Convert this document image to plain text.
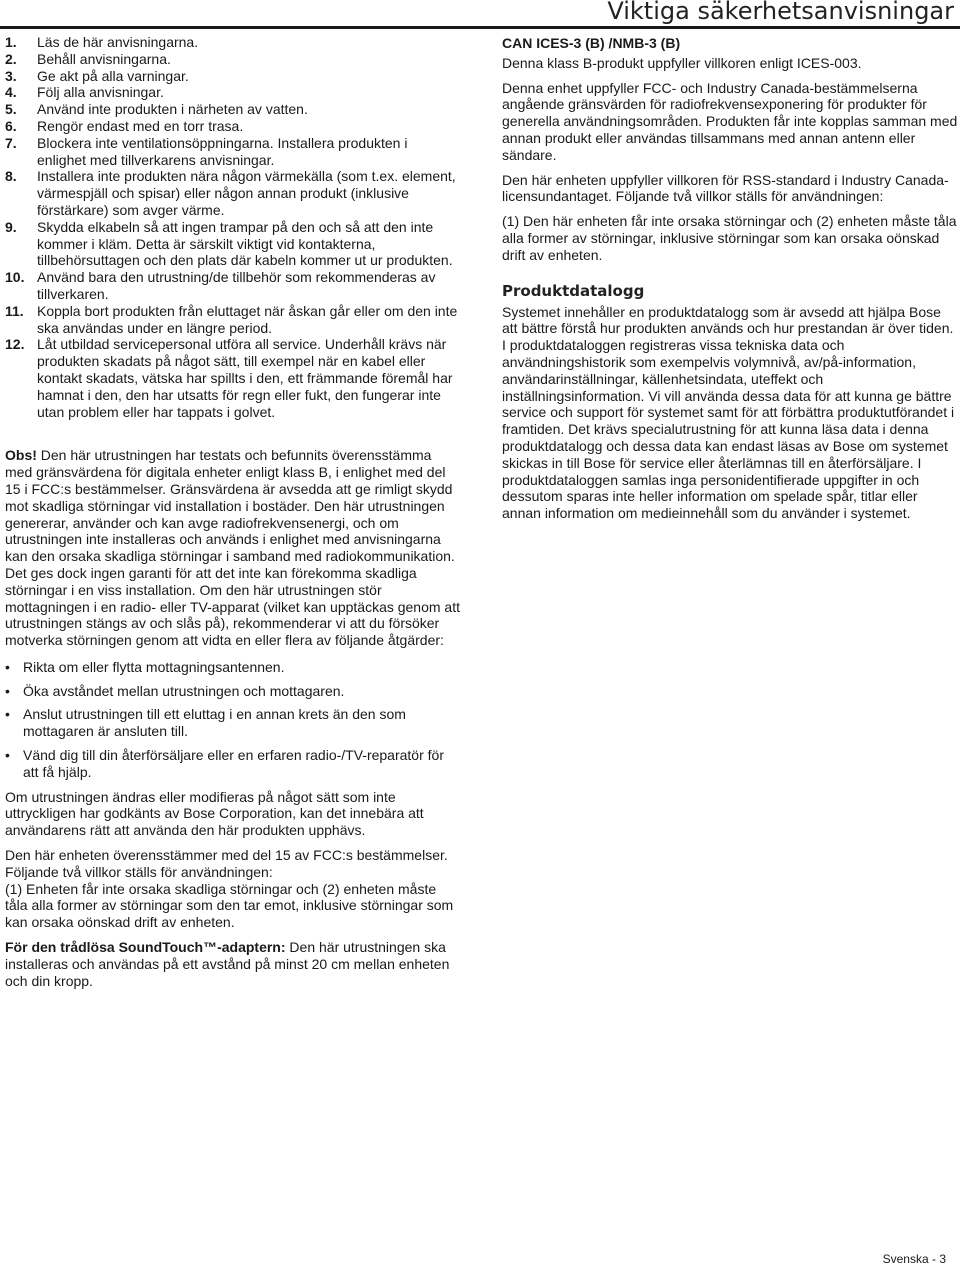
Viktiga säkerhetsanvisningar
1. Läs de här anvisningarna.
2. Behåll anvisningarna.
3. Ge akt på alla varningar.
4. Följ alla anvisningar.
5. Använd inte produkten i närheten av vatten.
6. Rengör endast med en torr trasa.
7. Blockera inte ventilationsöppningarna. Installera produkten i enlighet med tillverkarens anvisningar.
8. Installera inte produkten nära någon värmekälla (som t.ex. element, värmespjäll och spisar) eller någon annan produkt (inklusive förstärkare) som avger värme.
9. Skydda elkabeln så att ingen trampar på den och så att den inte kommer i kläm. Detta är särskilt viktigt vid kontakterna, tillbehörsuttagen och den plats där kabeln kommer ut ur produkten.
10. Använd bara den utrustning/de tillbehör som rekommenderas av tillverkaren.
11. Koppla bort produkten från eluttaget när åskan går eller om den inte ska användas under en längre period.
12. Låt utbildad servicepersonal utföra all service. Underhåll krävs när produkten skadats på något sätt, till exempel när en kabel eller kontakt skadats, vätska har spillts i den, ett främmande föremål har hamnat i den, den har utsatts för regn eller fukt, den fungerar inte utan problem eller har tappats i golvet.

Obs! Den här utrustningen har testats och befunnits överensstämma med gränsvärdena för digitala enheter enligt klass B, i enlighet med del 15 i FCC:s bestämmelser. Gränsvärdena är avsedda att ge rimligt skydd mot skadliga störningar vid installation i bostäder. Den här utrustningen genererar, använder och kan avge radiofrekvensenergi, och om utrustningen inte installeras och används i enlighet med anvisningarna kan den orsaka skadliga störningar i samband med radiokommunikation. Det ges dock ingen garanti för att det inte kan förekomma skadliga störningar i en viss installation. Om den här utrustningen stör mottagningen i en radio- eller TV-apparat (vilket kan upptäckas genom att utrustningen stängs av och slås på), rekommenderar vi att du försöker motverka störningen genom att vidta en eller flera av följande åtgärder:

• Rikta om eller flytta mottagningsantennen.
• Öka avståndet mellan utrustningen och mottagaren.
• Anslut utrustningen till ett eluttag i en annan krets än den som mottagaren är ansluten till.
• Vänd dig till din återförsäljare eller en erfaren radio-/TV-reparatör för att få hjälp.

Om utrustningen ändras eller modifieras på något sätt som inte uttryckligen har godkänts av Bose Corporation, kan det innebära att användarens rätt att använda den här produkten upphävs.

Den här enheten överensstämmer med del 15 av FCC:s bestämmelser. Följande två villkor ställs för användningen:

(1) Enheten får inte orsaka skadliga störningar och (2) enheten måste tåla alla former av störningar som den tar emot, inklusive störningar som kan orsaka oönskad drift av enheten.

För den trådlösa SoundTouch™-adaptern: Den här utrustningen ska installeras och användas på ett avstånd på minst 20 cm mellan enheten och din kropp.

CAN ICES-3 (B) /NMB-3 (B)

Denna klass B-produkt uppfyller villkoren enligt ICES-003.

Denna enhet uppfyller FCC- och Industry Canada-bestämmelserna angående gränsvärden för radiofrekvensexponering för produkter för generella användningsområden. Produkten får inte kopplas samman med annan produkt eller användas tillsammans med annan antenn eller sändare.

Den här enheten uppfyller villkoren för RSS-standard i Industry Canada-licensundantaget. Följande två villkor ställs för användningen:

(1) Den här enheten får inte orsaka störningar och (2) enheten måste tåla alla former av störningar, inklusive störningar som kan orsaka oönskad drift av enheten.

Produktdatalogg

Systemet innehåller en produktdatalogg som är avsedd att hjälpa Bose att bättre förstå hur produkten används och hur prestandan är över tiden. I produktdataloggen registreras vissa tekniska data och användningshistorik som exempelvis volymnivå, av/på-information, användarinställningar, källenhetsindata, uteffekt och inställningsinformation. Vi vill använda dessa data för att kunna ge bättre service och support för systemet samt för att förbättra produktutförandet i framtiden. Det krävs specialutrustning för att kunna läsa data i denna produktdatalogg och dessa data kan endast läsas av Bose om systemet skickas in till Bose för service eller återlämnas till en återförsäljare. I produktdataloggen samlas inga personidentifierade uppgifter in och dessutom sparas inte heller information om spelade spår, titlar eller annan information om medieinnehåll som du använder i systemet.

Svenska - 3
